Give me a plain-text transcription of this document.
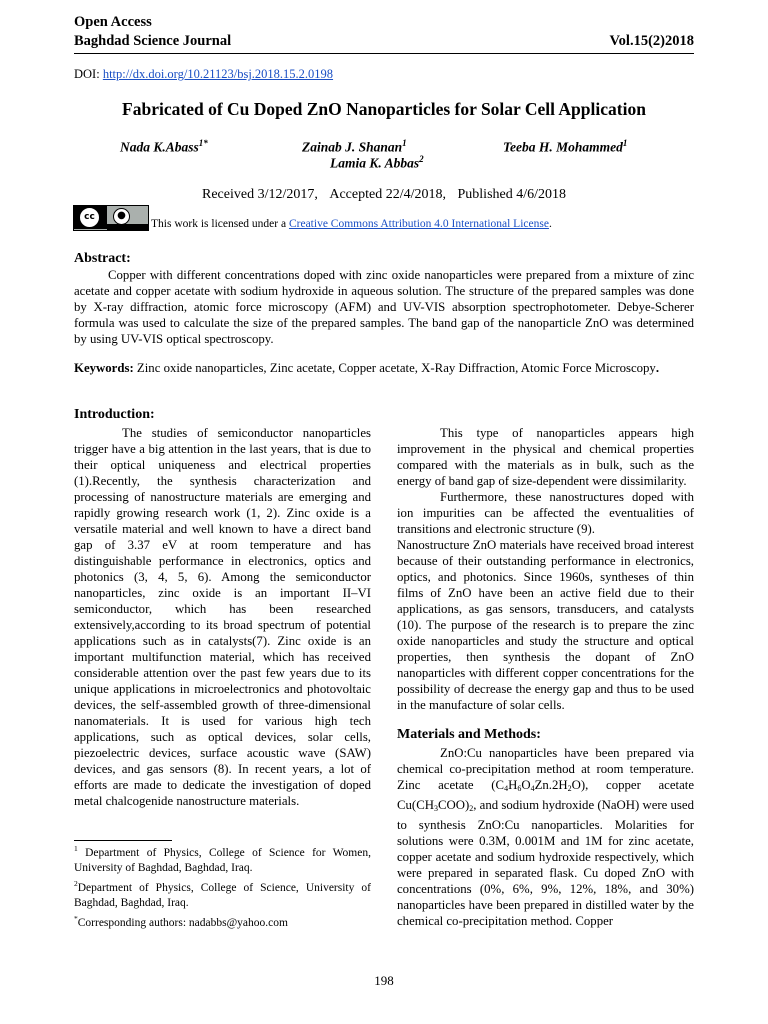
Open Access
Baghdad Science Journal	Vol.15(2)2018
DOI: http://dx.doi.org/10.21123/bsj.2018.15.2.0198
Fabricated of Cu Doped ZnO Nanoparticles for Solar Cell Application
Nada K.Abass$^{1*}$	Zainab J. Shanan$^1$	Teeba H. Mohammed$^1$
Lamia K. Abbas$^2$
Received 3/12/2017, Accepted 22/4/2018, Published 4/6/2018
cc	●
This work is licensed under a Creative Commons Attribution 4.0 International License.
Abstract:
Copper with different concentrations doped with zinc oxide nanoparticles were prepared from a mixture of zinc acetate and copper acetate with sodium hydroxide in aqueous solution. The structure of the prepared samples was done by X-ray diffraction, atomic force microscopy (AFM) and UV-VIS absorption spectrophotometer. Debye-Scherer formula was used to calculate the size of the prepared samples. The band gap of the nanoparticle ZnO was determined by using UV-VIS optical spectroscopy.
Keywords: Zinc oxide nanoparticles, Zinc acetate, Copper acetate, X-Ray Diffraction, Atomic Force Microscopy.
Introduction:
The studies of semiconductor nanoparticles trigger have a big attention in the last years, that is due to their optical uniqueness and electrical properties (1).Recently, the synthesis characterization and processing of nanostructure materials are emerging and rapidly growing research work (1, 2). Zinc oxide is a versatile material and well known to have a direct band gap of 3.37 eV at room temperature and has distinguishable performance in electronics, optics and photonics (3, 4, 5, 6). Among the semiconductor nanoparticles, zinc oxide is an important II–VI semiconductor, which has been researched extensively,according to its broad spectrum of potential applications such as in catalysts(7). Zinc oxide is an important multifunction material, which has received considerable attention over the past few years due to its unique applications in microelectronics and photovoltaic devices, the self-assembled growth of three-dimensional nanomaterials. It is used for various high tech applications, such as optical devices, solar cells, piezoelectric devices, surface acoustic wave (SAW) devices, and gas sensors (8). In recent years, a lot of efforts are made to dedicate the investigation of doped metal chalcogenide nanostructure materials.

$^1$ Department of Physics, College of Science for Women, University of Baghdad, Baghdad, Iraq.

$^2$Department of Physics, College of Science, University of Baghdad, Baghdad, Iraq.

*Corresponding authors: nadabbs@yahoo.com

This type of nanoparticles appears high improvement in the physical and chemical properties compared with the materials as in bulk, such as the energy of band gap of size-dependent were dissimilarity.

Furthermore, these nanostructures doped with ion impurities can be affected the eventualities of transitions and electronic structure (9).

Nanostructure ZnO materials have received broad interest because of their outstanding performance in electronics, optics, and photonics. Since 1960s, syntheses of thin films of ZnO have been an active field due to their applications, as gas sensors, transducers, and catalysts (10). The purpose of the research is to prepare the zinc oxide nanoparticles and study the structure and optical properties, then synthesis the dopant of ZnO nanoparticles with different copper concentrations for the possibility of decrease the energy gap and thus to be used in the manufacture of solar cells.

Materials and Methods:

ZnO:Cu nanoparticles have been prepared via chemical co-precipitation method at room temperature. Zinc acetate $(C_4H_6O_4Zn.2H_2O)$, copper acetate $Cu(CH_3COO)_2$, and sodium hydroxide (NaOH) were used to synthesis ZnO:Cu nanoparticles. Molarities for solutions were 0.3M, 0.001M and 1M for zinc acetate, copper acetate and sodium hydroxide respectively, which were prepared in separated flask. Cu doped ZnO with concentrations (0%, 6%, 9%, 12%, 18%, and 30%) nanoparticles have been prepared in distilled water by the chemical co-precipitation method. Copper

198
